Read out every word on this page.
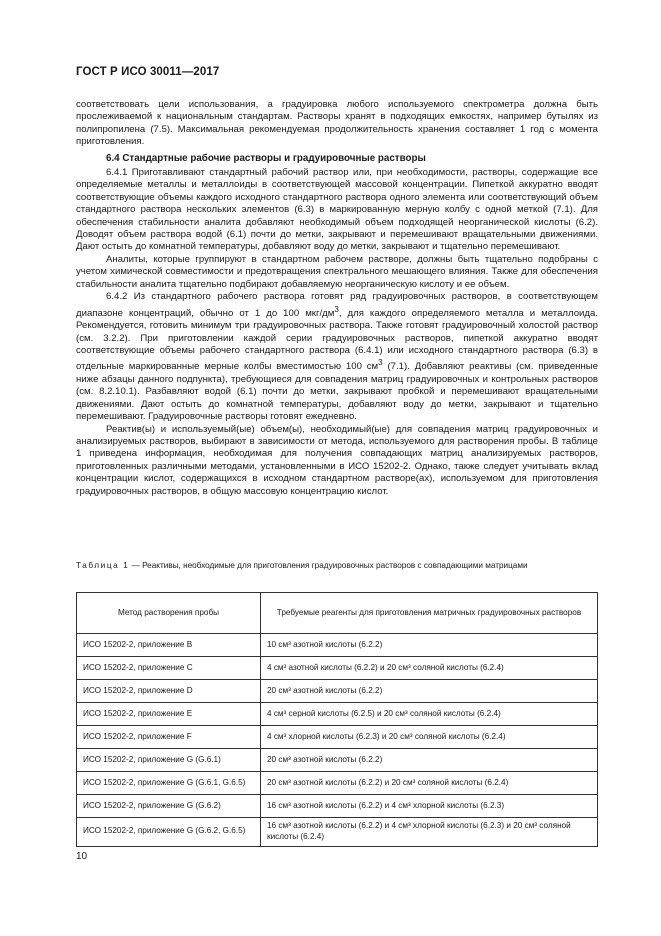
ГОСТ Р ИСО 30011—2017

соответствовать цели использования, а градуировка любого используемого спектрометра должна быть прослеживаемой к национальным стандартам. Растворы хранят в подходящих емкостях, например бутылях из полипропилена (7.5). Максимальная рекомендуемая продолжительность хранения составляет 1 год с момента приготовления.

6.4 Стандартные рабочие растворы и градуировочные растворы

6.4.1 Приготавливают стандартный рабочий раствор или, при необходимости, растворы, содержащие все определяемые металлы и металлоиды в соответствующей массовой концентрации. Пипеткой аккуратно вводят соответствующие объемы каждого исходного стандартного раствора одного элемента или соответствующий объем стандартного раствора нескольких элементов (6.3) в маркированную мерную колбу с одной меткой (7.1). Для обеспечения стабильности аналита добавляют необходимый объем подходящей неорганической кислоты (6.2). Доводят объем раствора водой (6.1) почти до метки, закрывают и перемешивают вращательными движениями. Дают остыть до комнатной температуры, добавляют воду до метки, закрывают и тщательно перемешивают.

Аналиты, которые группируют в стандартном рабочем растворе, должны быть тщательно подобраны с учетом химической совместимости и предотвращения спектрального мешающего влияния. Также для обеспечения стабильности аналита тщательно подбирают добавляемую неорганическую кислоту и ее объем.

6.4.2 Из стандартного рабочего раствора готовят ряд градуировочных растворов, в соответствующем диапазоне концентраций, обычно от 1 до 100 мкг/$дм^3$, для каждого определяемого металла и металлоида. Рекомендуется, готовить минимум три градуировочных раствора. Также готовят градуировочный холостой раствор (см. 3.2.2). При приготовлении каждой серии градуировочных растворов, пипеткой аккуратно вводят соответствующие объемы рабочего стандартного раствора (6.4.1) или исходного стандартного раствора (6.3) в отдельные маркированные мерные колбы вместимостью 100 $см^3$ (7.1). Добавляют реактивы (см. приведенные ниже абзацы данного подпункта), требующиеся для совпадения матриц градуировочных и контрольных растворов (см. 8.2.10.1). Разбавляют водой (6.1) почти до метки, закрывают пробкой и перемешивают вращательными движениями. Дают остыть до комнатной температуры, добавляют воду до метки, закрывают и тщательно перемешивают. Градуировочные растворы готовят ежедневно.

Реактив(ы) и используемый(ые) объем(ы), необходимый(ые) для совпадения матриц градуировочных и анализируемых растворов, выбирают в зависимости от метода, используемого для растворения пробы. В таблице 1 приведена информация, необходимая для получения совпадающих матриц анализируемых растворов, приготовленных различными методами, установленными в ИСО 15202-2. Однако, также следует учитывать вклад концентрации кислот, содержащихся в исходном стандартном растворе(ах), используемом для приготовления градуировочных растворов, в общую массовую концентрацию кислот.

Таблица 1 — Реактивы, необходимые для приготовления градуировочных растворов с совпадающими матрицами
Метод растворения пробы	Требуемые реагенты для приготовления матричных градуировочных растворов
ИСО 15202-2, приложение B	10 см³ азотной кислоты (6.2.2)
ИСО 15202-2, приложение C	4 см³ азотной кислоты (6.2.2) и 20 см³ соляной кислоты (6.2.4)
ИСО 15202-2, приложение D	20 см³ азотной кислоты (6.2.2)
ИСО 15202-2, приложение E	4 см³ серной кислоты (6.2.5) и 20 см³ соляной кислоты (6.2.4)
ИСО 15202-2, приложение F	4 см³ хлорной кислоты (6.2.3) и 20 см³ соляной кислоты (6.2.4)
ИСО 15202-2, приложение G (G.6.1)	20 см³ азотной кислоты (6.2.2)
ИСО 15202-2, приложение G (G.6.1, G.6.5)	20 см³ азотной кислоты (6.2.2) и 20 см³ соляной кислоты (6.2.4)
ИСО 15202-2, приложение G (G.6.2)	16 см³ азотной кислоты (6.2.2) и 4 см³ хлорной кислоты (6.2.3)
ИСО 15202-2, приложение G (G.6.2, G.6.5)	16 см³ азотной кислоты (6.2.2) и 4 см³ хлорной кислоты (6.2.3) и 20 см³ соляной кислоты (6.2.4)
10
